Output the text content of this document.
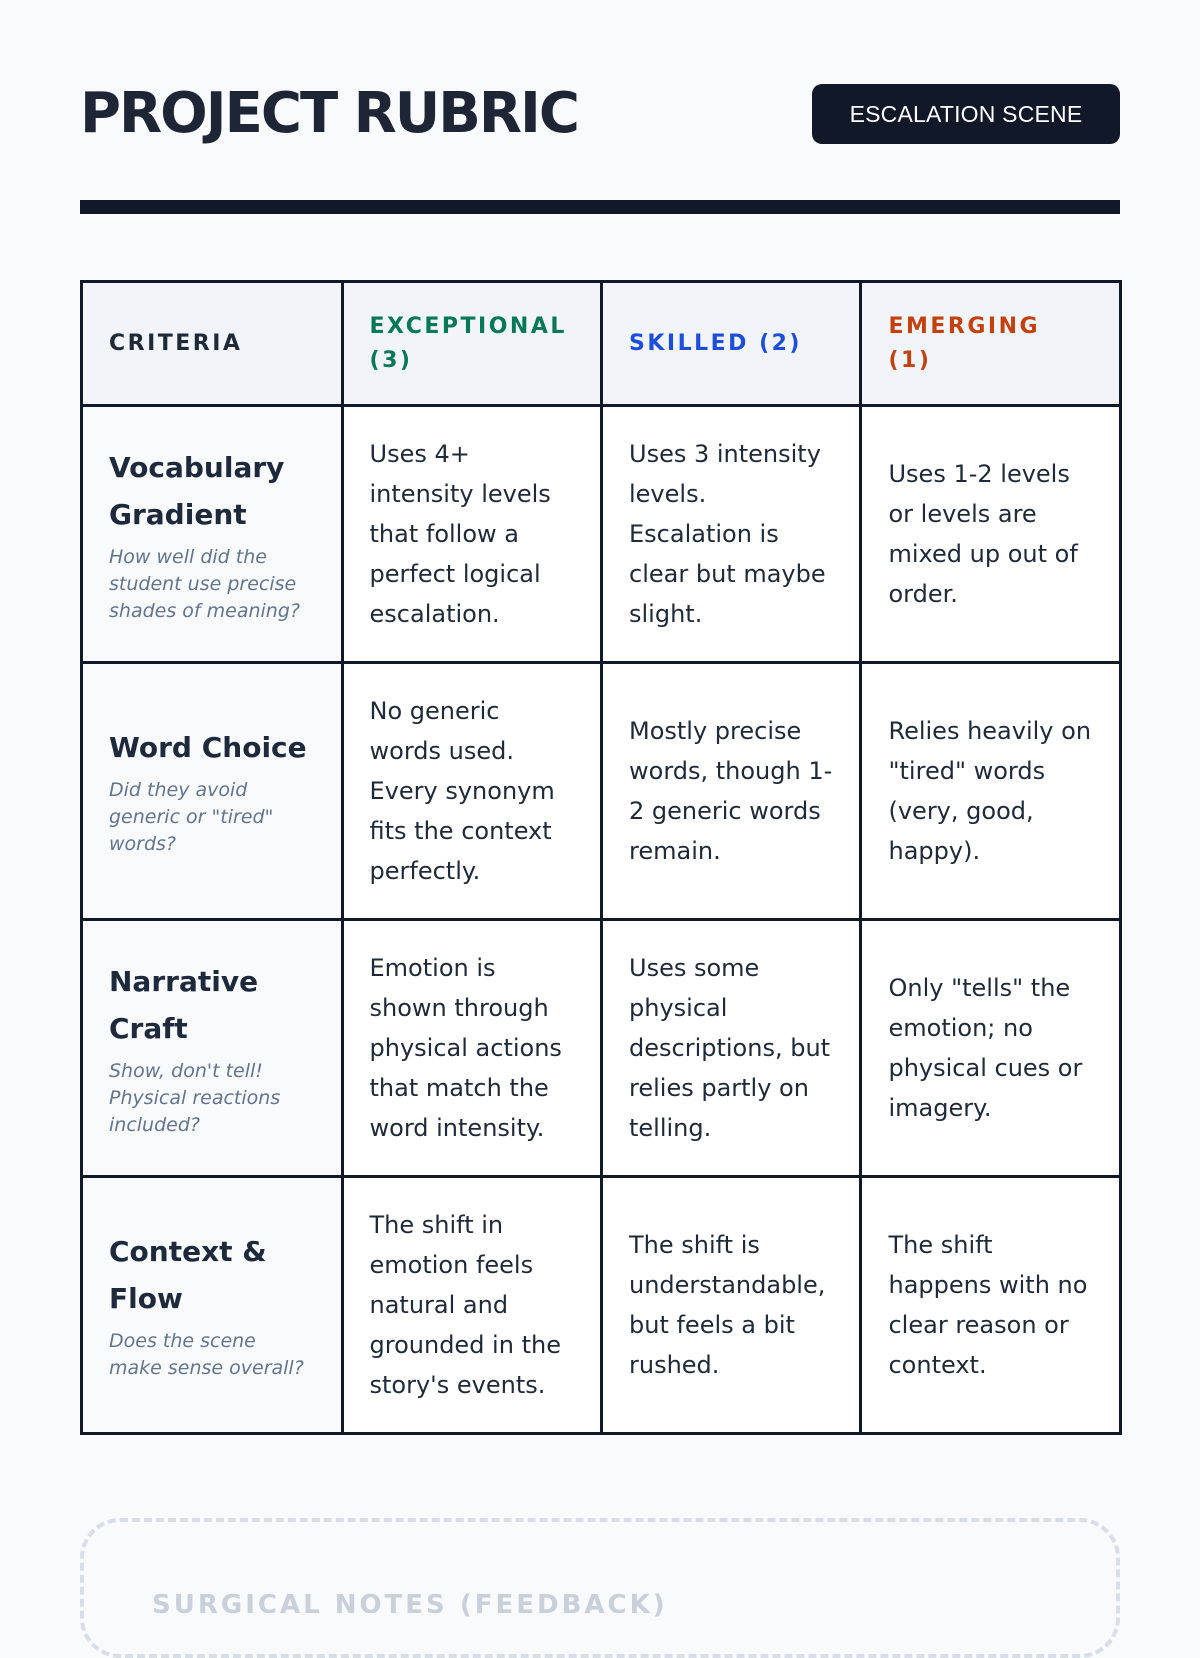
PROJECT RUBRIC	ESCALATION SCENE
CRITERIA	EXCEPTIONAL (3)	SKILLED (2)	EMERGING (1)

Vocabulary Gradient
How well did the student use precise shades of meaning?	Uses 4+ intensity levels that follow a perfect logical escalation.	Uses 3 intensity levels. Escalation is clear but maybe slight.	Uses 1-2 levels or levels are mixed up out of order.

Word Choice
Did they avoid generic or "tired" words?	No generic words used. Every synonym fits the context perfectly.	Mostly precise words, though 1-2 generic words remain.	Relies heavily on "tired" words (very, good, happy).

Narrative Craft
Show, don't tell! Physical reactions included?	Emotion is shown through physical actions that match the word intensity.	Uses some physical descriptions, but relies partly on telling.	Only "tells" the emotion; no physical cues or imagery.

Context & Flow
Does the scene make sense overall?	The shift in emotion feels natural and grounded in the story's events.	The shift is understandable, but feels a bit rushed.	The shift happens with no clear reason or context.
SURGICAL NOTES (FEEDBACK)
